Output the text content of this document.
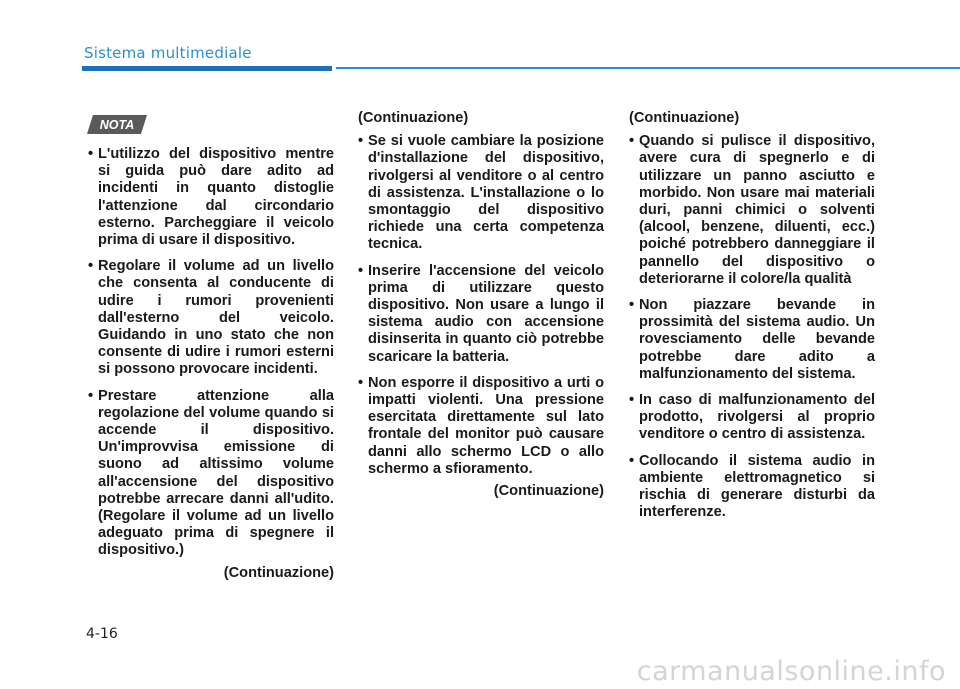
Sistema multimediale
NOTA
• L'utilizzo del dispositivo mentre si guida può dare adito ad incidenti in quanto distoglie l'attenzione dal circondario esterno. Parcheggiare il veicolo prima di usare il dispositivo.
• Regolare il volume ad un livello che consenta al conducente di udire i rumori provenienti dall'esterno del veicolo. Guidando in uno stato che non consente di udire i rumori esterni si possono provocare incidenti.
• Prestare attenzione alla regolazione del volume quando si accende il dispositivo. Un'improvvisa emissione di suono ad altissimo volume all'accensione del dispositivo potrebbe arrecare danni all'udito. (Regolare il volume ad un livello adeguato prima di spegnere il dispositivo.)
(Continuazione)
(Continuazione)
• Se si vuole cambiare la posizione d'installazione del dispositivo, rivolgersi al venditore o al centro di assistenza. L'installazione o lo smontaggio del dispositivo richiede una certa competenza tecnica.
• Inserire l'accensione del veicolo prima di utilizzare questo dispositivo. Non usare a lungo il sistema audio con accensione disinserita in quanto ciò potrebbe scaricare la batteria.
• Non esporre il dispositivo a urti o impatti violenti. Una pressione esercitata direttamente sul lato frontale del monitor può causare danni allo schermo LCD o allo schermo a sfioramento.
(Continuazione)
(Continuazione)
• Quando si pulisce il dispositivo, avere cura di spegnerlo e di utilizzare un panno asciutto e morbido. Non usare mai materiali duri, panni chimici o solventi (alcool, benzene, diluenti, ecc.) poiché potrebbero danneggiare il pannello del dispositivo o deteriorarne il colore/la qualità
• Non piazzare bevande in prossimità del sistema audio. Un rovesciamento delle bevande potrebbe dare adito a malfunzionamento del sistema.
• In caso di malfunzionamento del prodotto, rivolgersi al proprio venditore o centro di assistenza.
• Collocando il sistema audio in ambiente elettromagnetico si rischia di generare disturbi da interferenze.
4-16
carmanualsonline.info
